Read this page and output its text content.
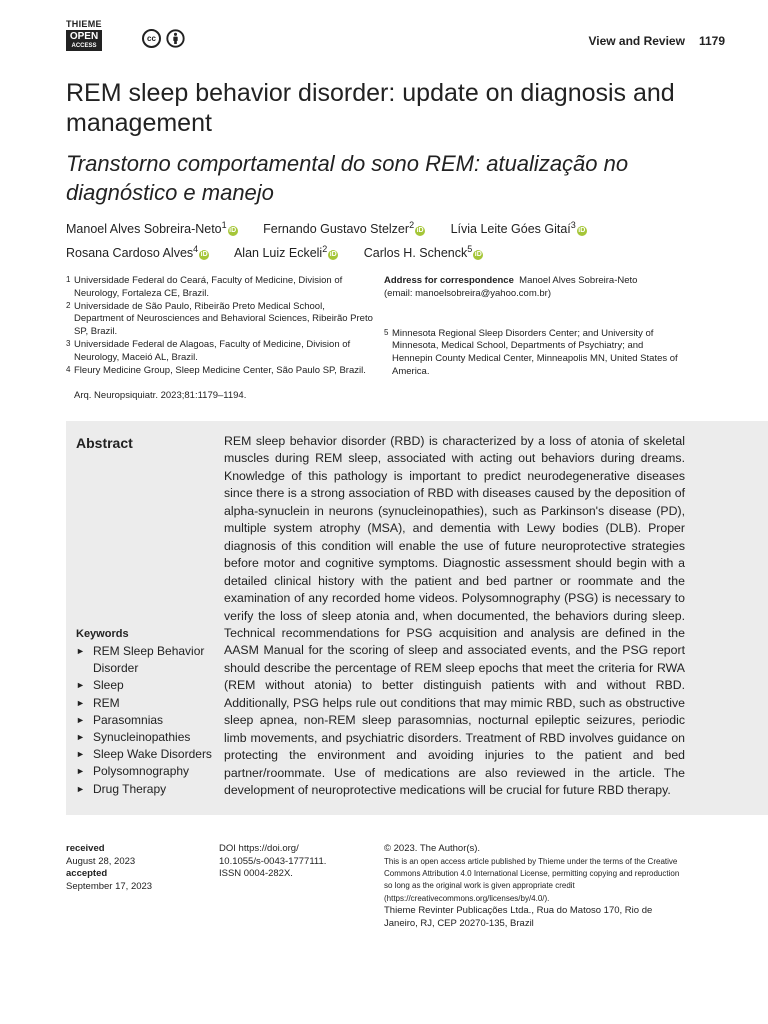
THIEME
OPEN
ACCESS
cc	View and Review 1179
REM sleep behavior disorder: update on diagnosis and management
Transtorno comportamental do sono REM: atualização no diagnóstico e manejo
Manoel Alves Sobreira-Neto$^1$iD Fernando Gustavo Stelzer$^2$iD Lívia Leite Góes Gitaí$^3$iD
Rosana Cardoso Alves$^4$iD Alan Luiz Eckeli$^2$iD Carlos H. Schenck$^5$iD
1 Universidade Federal do Ceará, Faculty of Medicine, Division of Neurology, Fortaleza CE, Brazil.
2 Universidade de São Paulo, Ribeirão Preto Medical School, Department of Neurosciences and Behavioral Sciences, Ribeirão Preto SP, Brazil.
3 Universidade Federal de Alagoas, Faculty of Medicine, Division of Neurology, Maceió AL, Brazil.
4 Fleury Medicine Group, Sleep Medicine Center, São Paulo SP, Brazil.
Address for correspondence Manoel Alves Sobreira-Neto
(email: manoelsobreira@yahoo.com.br)
5 Minnesota Regional Sleep Disorders Center; and University of Minnesota, Medical School, Departments of Psychiatry; and Hennepin County Medical Center, Minneapolis MN, United States of America.
Arq. Neuropsiquiatr. 2023;81:1179–1194.
Abstract	REM sleep behavior disorder (RBD) is characterized by a loss of atonia of skeletal muscles during REM sleep, associated with acting out behaviors during dreams. Knowledge of this pathology is important to predict neurodegenerative diseases since there is a strong association of RBD with diseases caused by the deposition of alpha-synuclein in neurons (synucleinopathies), such as Parkinson's disease (PD), multiple system atrophy (MSA), and dementia with Lewy bodies (DLB). Proper diagnosis of this condition will enable the use of future neuroprotective strategies before motor and cognitive symptoms. Diagnostic assessment should begin with a detailed clinical history with the patient and bed partner or roommate and the examination of any recorded home videos. Polysomnography (PSG) is necessary to verify the loss of sleep atonia and, when documented, the behaviors during sleep. Technical recommendations for PSG acquisition and analysis are defined in the AASM Manual for the scoring of sleep and associated events, and the PSG report should describe the percentage of REM sleep epochs that meet the criteria for RWA (REM without atonia) to better distinguish patients with and without RBD. Additionally, PSG helps rule out conditions that may mimic RBD, such as obstructive sleep apnea, non-REM sleep parasomnias, nocturnal epileptic seizures, periodic limb movements, and psychiatric disorders. Treatment of RBD involves guidance on protecting the environment and avoiding injuries to the patient and bed partner/roommate. Use of medications are also reviewed in the article. The development of neuroprotective medications will be crucial for future RBD therapy.
Keywords
► REM Sleep Behavior Disorder
► Sleep
► REM
► Parasomnias
► Synucleinopathies
► Sleep Wake Disorders
► Polysomnography
► Drug Therapy
received
August 28, 2023
accepted
September 17, 2023
DOI https://doi.org/
10.1055/s-0043-1777111.
ISSN 0004-282X.
© 2023. The Author(s).
This is an open access article published by Thieme under the terms of the Creative Commons Attribution 4.0 International License, permitting copying and reproduction so long as the original work is given appropriate credit (https://creativecommons.org/licenses/by/4.0/).
Thieme Revinter Publicações Ltda., Rua do Matoso 170, Rio de Janeiro, RJ, CEP 20270-135, Brazil
